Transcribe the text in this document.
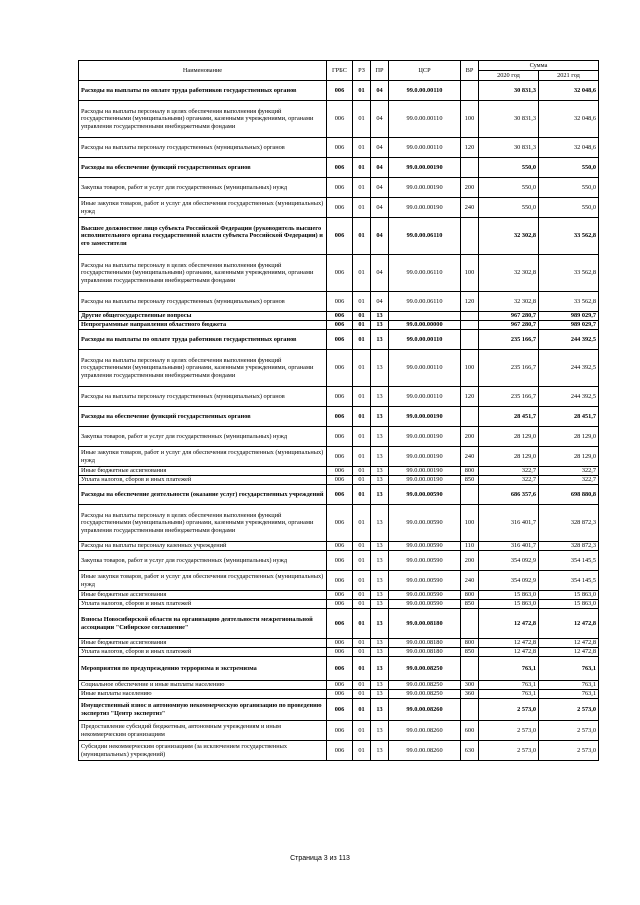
Наименование	ГРБС	РЗ	ПР	ЦСР	ВР	Сумма	
						2020 год	2021 год
Расходы на выплаты по оплате труда работников государственных органов	006	01	04	99.0.00.00110		30 831,3	32 048,6
Расходы на выплаты персоналу в целях обеспечения выполнения функций государственными (муниципальными) органами, казенными учреждениями, органами управления государственными внебюджетными фондами	006	01	04	99.0.00.00110	100	30 831,3	32 048,6
Расходы на выплаты персоналу государственных (муниципальных) органов	006	01	04	99.0.00.00110	120	30 831,3	32 048,6
Расходы на обеспечение функций государственных органов	006	01	04	99.0.00.00190		550,0	550,0
Закупка товаров, работ и услуг для государственных (муниципальных) нужд	006	01	04	99.0.00.00190	200	550,0	550,0
Иные закупки товаров, работ и услуг для обеспечения государственных (муниципальных) нужд	006	01	04	99.0.00.00190	240	550,0	550,0
Высшее должностное лицо субъекта Российской Федерации (руководитель высшего исполнительного органа государственной власти субъекта Российской Федерации) и его заместители	006	01	04	99.0.00.06110		32 302,8	33 562,8
Расходы на выплаты персоналу в целях обеспечения выполнения функций государственными (муниципальными) органами, казенными учреждениями, органами управления государственными внебюджетными фондами	006	01	04	99.0.00.06110	100	32 302,8	33 562,8
Расходы на выплаты персоналу государственных (муниципальных) органов	006	01	04	99.0.00.06110	120	32 302,8	33 562,8
Другие общегосударственные вопросы	006	01	13			967 280,7	989 029,7
Непрограммные направления областного бюджета	006	01	13	99.0.00.00000		967 280,7	989 029,7
Расходы на выплаты по оплате труда работников государственных органов	006	01	13	99.0.00.00110		235 166,7	244 392,5
Расходы на выплаты персоналу в целях обеспечения выполнения функций государственными (муниципальными) органами, казенными учреждениями, органами управления государственными внебюджетными фондами	006	01	13	99.0.00.00110	100	235 166,7	244 392,5
Расходы на выплаты персоналу государственных (муниципальных) органов	006	01	13	99.0.00.00110	120	235 166,7	244 392,5
Расходы на обеспечение функций государственных органов	006	01	13	99.0.00.00190		28 451,7	28 451,7
Закупка товаров, работ и услуг для государственных (муниципальных) нужд	006	01	13	99.0.00.00190	200	28 129,0	28 129,0
Иные закупки товаров, работ и услуг для обеспечения государственных (муниципальных) нужд	006	01	13	99.0.00.00190	240	28 129,0	28 129,0
Иные бюджетные ассигнования	006	01	13	99.0.00.00190	800	322,7	322,7
Уплата налогов, сборов и иных платежей	006	01	13	99.0.00.00190	850	322,7	322,7
Расходы на обеспечение деятельности (оказание услуг) государственных учреждений	006	01	13	99.0.00.00590		686 357,6	698 880,8
Расходы на выплаты персоналу в целях обеспечения выполнения функций государственными (муниципальными) органами, казенными учреждениями, органами управления государственными внебюджетными фондами	006	01	13	99.0.00.00590	100	316 401,7	328 872,3
Расходы на выплаты персоналу казенных учреждений	006	01	13	99.0.00.00590	110	316 401,7	328 872,3
Закупка товаров, работ и услуг для государственных (муниципальных) нужд	006	01	13	99.0.00.00590	200	354 092,9	354 145,5
Иные закупки товаров, работ и услуг для обеспечения государственных (муниципальных) нужд	006	01	13	99.0.00.00590	240	354 092,9	354 145,5
Иные бюджетные ассигнования	006	01	13	99.0.00.00590	800	15 863,0	15 863,0
Уплата налогов, сборов и иных платежей	006	01	13	99.0.00.00590	850	15 863,0	15 863,0
Взносы Новосибирской области на организацию деятельности межрегиональной ассоциации "Сибирское соглашение"	006	01	13	99.0.00.08180		12 472,8	12 472,8
Иные бюджетные ассигнования	006	01	13	99.0.00.08180	800	12 472,8	12 472,8
Уплата налогов, сборов и иных платежей	006	01	13	99.0.00.08180	850	12 472,8	12 472,8
Мероприятия по предупреждению терроризма и экстремизма	006	01	13	99.0.00.08250		763,1	763,1
Социальное обеспечение и иные выплаты населению	006	01	13	99.0.00.08250	300	763,1	763,1
Иные выплаты населению	006	01	13	99.0.00.08250	360	763,1	763,1
Имущественный взнос в автономную некоммерческую организацию по проведению экспертиз "Центр экспертиз"	006	01	13	99.0.00.08260		2 573,0	2 573,0
Предоставление субсидий бюджетным, автономным учреждениям и иным некоммерческим организациям	006	01	13	99.0.00.08260	600	2 573,0	2 573,0
Субсидии некоммерческим организациям (за исключением государственных (муниципальных) учреждений)	006	01	13	99.0.00.08260	630	2 573,0	2 573,0
Страница 3 из 113
